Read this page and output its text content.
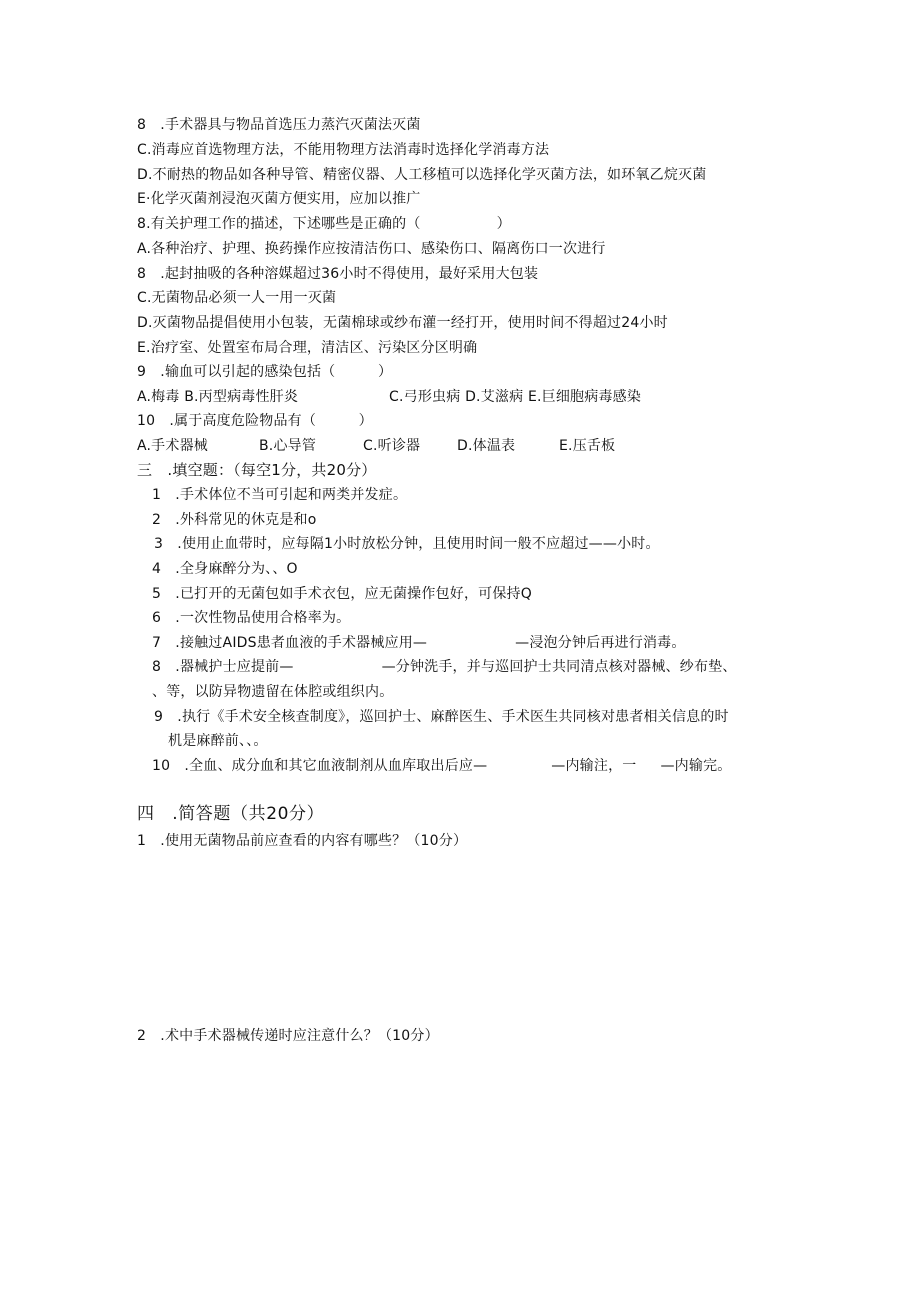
8　.手术器具与物品首选压力蒸汽灭菌法灭菌
C.消毒应首选物理方法，不能用物理方法消毒时选择化学消毒方法
D.不耐热的物品如各种导管、精密仪器、人工移植可以选择化学灭菌方法，如环氧乙烷灭菌
E·化学灭菌剂浸泡灭菌方便实用，应加以推广
8.有关护理工作的描述，下述哪些是正确的（	）
A.各种治疗、护理、换药操作应按清洁伤口、感染伤口、隔离伤口一次进行
8　.起封抽吸的各种溶媒超过36小时不得使用，最好采用大包装
C.无菌物品必须一人一用一灭菌
D.灭菌物品提倡使用小包装，无菌棉球或纱布灌一经打开，使用时间不得超过24小时
E.治疗室、处置室布局合理，清洁区、污染区分区明确
9　.输血可以引起的感染包括（　　　）
A.梅毒 B.丙型病毒性肝炎	C.弓形虫病 D.艾滋病 E.巨细胞病毒感染
10　.属于高度危险物品有（　　　）
A.手术器械	B.心导管	C.听诊器	D.体温表	E.压舌板
三　.填空题：（每空1分，共20分）
1　.手术体位不当可引起和两类并发症。
2　.外科常见的休克是和o
3　.使用止血带时，应每隔1小时放松分钟，且使用时间一般不应超过——小时。
4　.全身麻醉分为、、O
5　.已打开的无菌包如手术衣包，应无菌操作包好，可保持Q
6　.一次性物品使用合格率为。
7　.接触过AIDS患者血液的手术器械应用—	—浸泡分钟后再进行消毒。
8　.器械护士应提前—	—分钟洗手，并与巡回护士共同清点核对器械、纱布垫、
、等，以防异物遗留在体腔或组织内。
9　.执行《手术安全核查制度》，巡回护士、麻醉医生、手术医生共同核对患者相关信息的时
机是麻醉前、、。
10　.全血、成分血和其它血液制剂从血库取出后应—	—内输注，一 —内输完。
四　.简答题（共20分）
1　.使用无菌物品前应查看的内容有哪些？（10分）
2　.术中手术器械传递时应注意什么？（10分）
